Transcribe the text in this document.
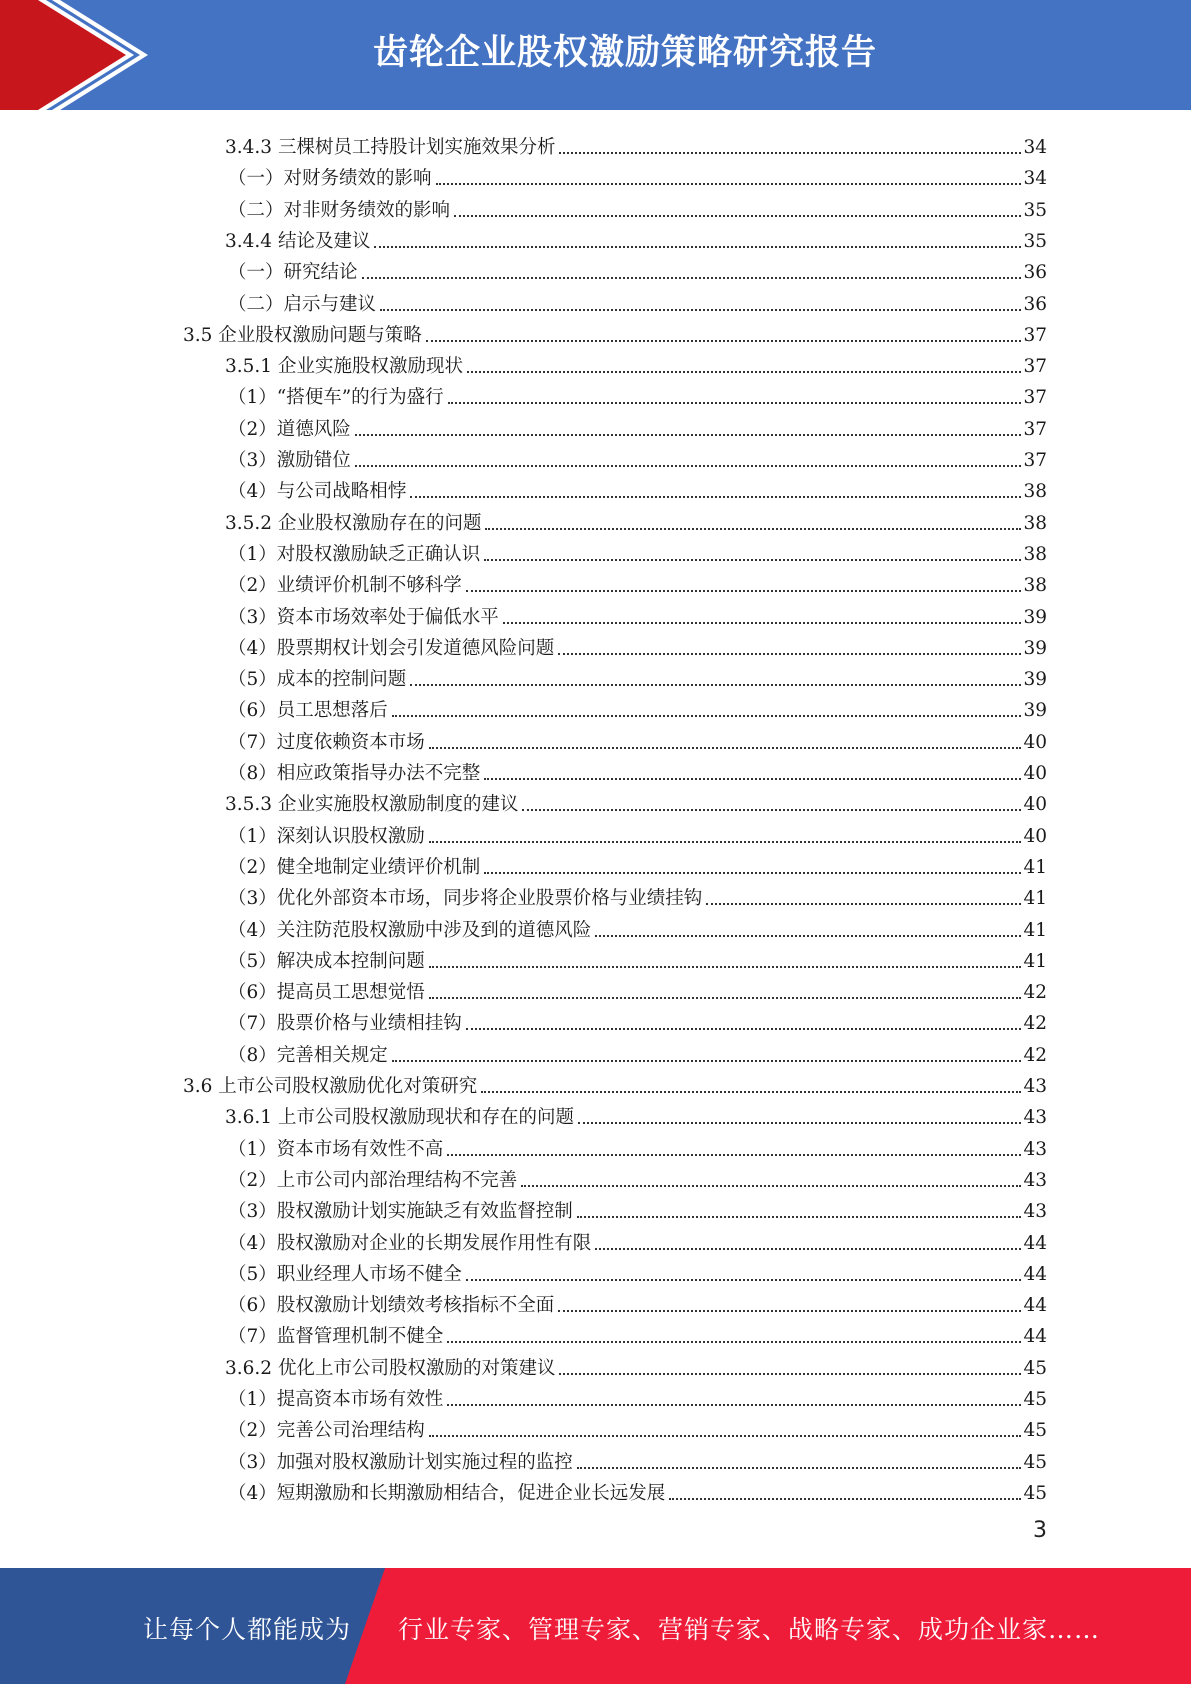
齿轮企业股权激励策略研究报告
3.4.3 三棵树员工持股计划实施效果分析	34
（一）对财务绩效的影响	34
（二）对非财务绩效的影响	35
3.4.4 结论及建议	35
（一）研究结论	36
（二）启示与建议	36
3.5 企业股权激励问题与策略	37
3.5.1 企业实施股权激励现状	37
（1）“搭便车”的行为盛行	37
（2）道德风险	37
（3）激励错位	37
（4）与公司战略相悖	38
3.5.2 企业股权激励存在的问题	38
（1）对股权激励缺乏正确认识	38
（2）业绩评价机制不够科学	38
（3）资本市场效率处于偏低水平	39
（4）股票期权计划会引发道德风险问题	39
（5）成本的控制问题	39
（6）员工思想落后	39
（7）过度依赖资本市场	40
（8）相应政策指导办法不完整	40
3.5.3 企业实施股权激励制度的建议	40
（1）深刻认识股权激励	40
（2）健全地制定业绩评价机制	41
（3）优化外部资本市场，同步将企业股票价格与业绩挂钩	41
（4）关注防范股权激励中涉及到的道德风险	41
（5）解决成本控制问题	41
（6）提高员工思想觉悟	42
（7）股票价格与业绩相挂钩	42
（8）完善相关规定	42
3.6 上市公司股权激励优化对策研究	43
3.6.1 上市公司股权激励现状和存在的问题	43
（1）资本市场有效性不高	43
（2）上市公司内部治理结构不完善	43
（3）股权激励计划实施缺乏有效监督控制	43
（4）股权激励对企业的长期发展作用性有限	44
（5）职业经理人市场不健全	44
（6）股权激励计划绩效考核指标不全面	44
（7）监督管理机制不健全	44
3.6.2 优化上市公司股权激励的对策建议	45
（1）提高资本市场有效性	45
（2）完善公司治理结构	45
（3）加强对股权激励计划实施过程的监控	45
（4）短期激励和长期激励相结合，促进企业长远发展	45
3
让每个人都能成为 行业专家、管理专家、营销专家、战略专家、成功企业家……
